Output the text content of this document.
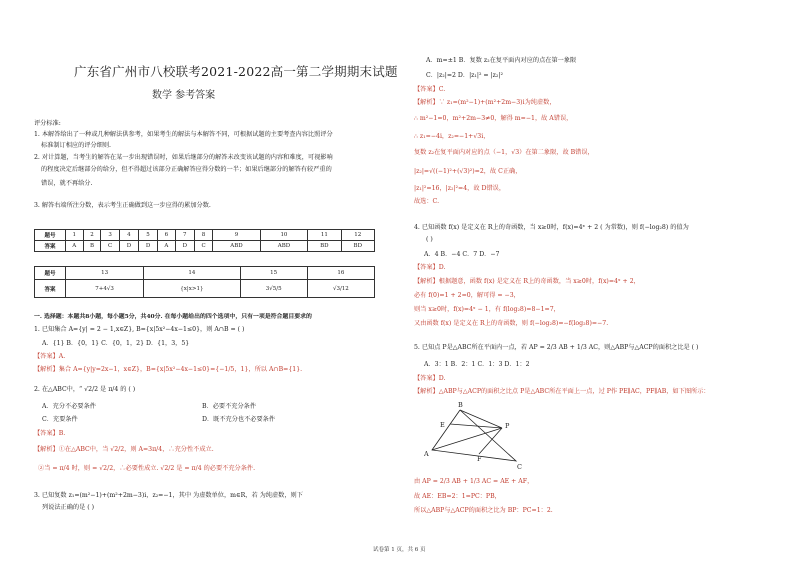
广东省广州市八校联考2021-2022高一第二学期期末试题
数学 参考答案
评分标准:
1. 本解答给出了一种或几种解法供参考，如果考生的解法与本解答不同，可根据试题的主要考查内容比照评分
标准制订相应的评分细则.
2. 对计算题，当考生的解答在某一步出现错误时，如果后继部分的解答未改变该试题的内容和难度，可视影响
的程度决定后继部分的给分，但不得超过该部分正确解答应得分数的一半；如果后继部分的解答有较严重的
错误，就不再给分.
3. 解答右端所注分数，表示考生正确做到这一步应得的累加分数.
题号	1	2	3	4	5	6	7	8	9	10	11	12
答案	A	B	C	D	D	A	D	C	ABD	ABD	BD	BD
题号	13	14	15	16
答案	7+4√3	{x|x>1}	3√5/5	√3/12
一. 选择题：本题共8小题，每小题5分，共40分. 在每小题给出的四个选项中，只有一项是符合题目要求的
1. 已知集合 A={y| = 2 − 1,x∈Z}, B={x|5x²−4x−1≤0}，则 A∩B = ( )
A．{1} B．{0，1} C．{0，1，2} D．{1，3，5}
【答案】A.
【解析】集合 A={y|y=2x−1，x∈Z}，B={x|5x²−4x−1≤0}={−1/5，1}，所以 A∩B={1}.
2. 在△ABC中，“ √2/2 是 π/4 的 ( )
A．充分不必要条件	B．必要不充分条件
C．充要条件	D．既不充分也不必要条件
【答案】B.
【解析】①在△ABC中，当 √2/2，则 A=3π/4，∴充分性不成立.
②当 = π/4 时，则 = √2/2，∴必要性成立. √2/2 是 = π/4 的必要不充分条件.
3. 已知复数 z₁=(m²−1)+(m²+2m−3)i，z₂=−1，其中 为虚数单位，m∈R，若 为纯虚数，则下
列说法正确的是 ( )
A．m=±1 B．复数 z₂在复平面内对应的点在第一象限
C．|z₂|=2 D．|z₁|² = |z₂|²
【答案】C.
【解析】∵ z₁=(m²−1)+(m²+2m−3)i为纯虚数，
∴ m²−1=0，m²+2m−3≠0，解得 m=−1，故 A错误，
∴ z₁=−4i，z₂=−1+√3i，
复数 z₂在复平面内对应的点（−1，√3）在第二象限，故 B错误，
|z₂|=√((−1)²+(√3)²)=2，故 C正确，
|z₁|²=16，|z₂|²=4，故 D错误，
故选：C.
4. 已知函数 f(x) 是定义在 R上的奇函数，当 x≥0时，f(x)=4ˣ + 2 ( 为常数)，则 f(−log₂8) 的值为
( )
A．4 B．−4 C．7 D．−7
【答案】D.
【解析】根据题意，函数 f(x) 是定义在 R上的奇函数，当 x≥0时，f(x)=4ˣ + 2，
必有 f(0)=1 + 2=0，解可得 = −3，
则当 x≥0时，f(x)=4ˣ − 1，有 f(log₂8)=8−1=7，
又由函数 f(x) 是定义在 R上的奇函数，则 f(−log₂8)=−f(log₂8)=−7.
5. 已知点 P是△ABC所在平面内一点，若 AP = 2/3 AB + 1/3 AC，则△ABP与△ACP的面积之比是 ( )
A．3：1 B．2：1 C．1：3 D．1：2
【答案】D.
【解析】△ABP与△ACP的面积之比点 P是△ABC所在平面上一点，过 P作 PE∥AC，PF∥AB，如下图所示：
B
E	P
F
A
C
由 AP = 2/3 AB + 1/3 AC = AE + AF，
故 AE：EB=2：1=PC：PB，
所以△ABP与△ACP的面积之比为 BP：PC=1：2.
试卷第 1 页，共 6 页
